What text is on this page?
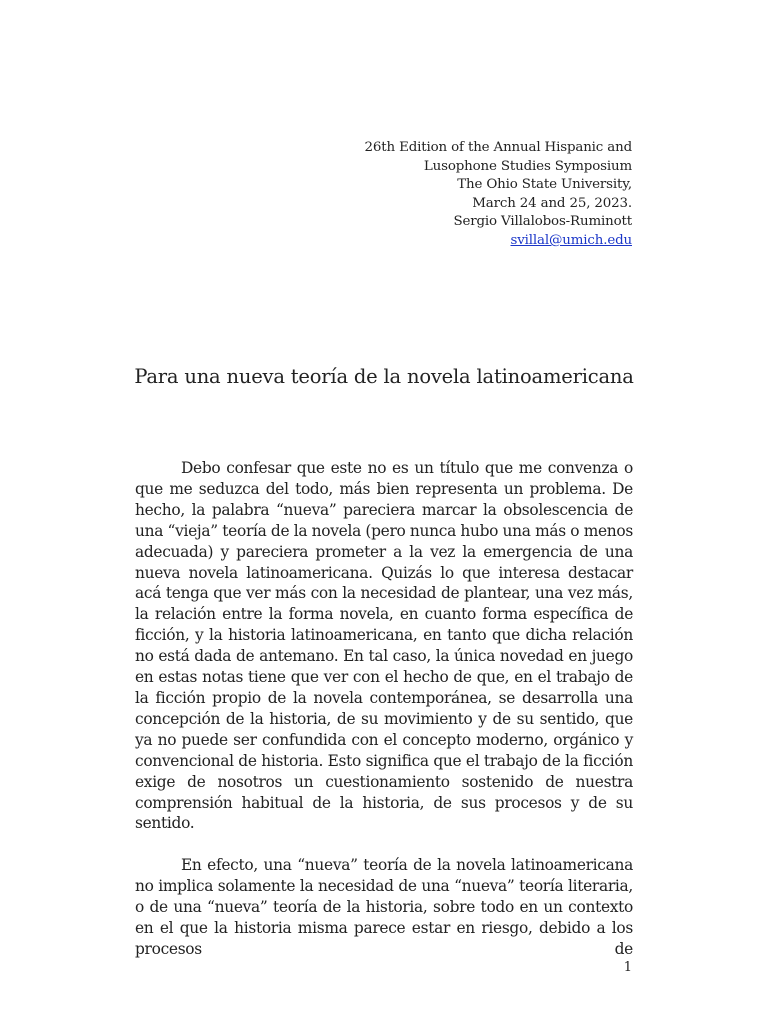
26th Edition of the Annual Hispanic and
Lusophone Studies Symposium
The Ohio State University,
March 24 and 25, 2023.
Sergio Villalobos-Ruminott
svillal@umich.edu
Para una nueva teoría de la novela latinoamericana

Debo confesar que este no es un título que me convenza o que me seduzca del todo, más bien representa un problema. De hecho, la palabra “nueva” pareciera marcar la obsolescencia de una “vieja” teoría de la novela (pero nunca hubo una más o menos adecuada) y pareciera prometer a la vez la emergencia de una nueva novela latinoamericana. Quizás lo que interesa destacar acá tenga que ver más con la necesidad de plantear, una vez más, la relación entre la forma novela, en cuanto forma específica de ficción, y la historia latinoamericana, en tanto que dicha relación no está dada de antemano. En tal caso, la única novedad en juego en estas notas tiene que ver con el hecho de que, en el trabajo de la ficción propio de la novela contemporánea, se desarrolla una concepción de la historia, de su movimiento y de su sentido, que ya no puede ser confundida con el concepto moderno, orgánico y convencional de historia. Esto significa que el trabajo de la ficción exige de nosotros un cuestionamiento sostenido de nuestra comprensión habitual de la historia, de sus procesos y de su sentido.

En efecto, una “nueva” teoría de la novela latinoamericana no implica solamente la necesidad de una “nueva” teoría literaria, o de una “nueva” teoría de la historia, sobre todo en un contexto en el que la historia misma parece estar en riesgo, debido a los procesos de

1
